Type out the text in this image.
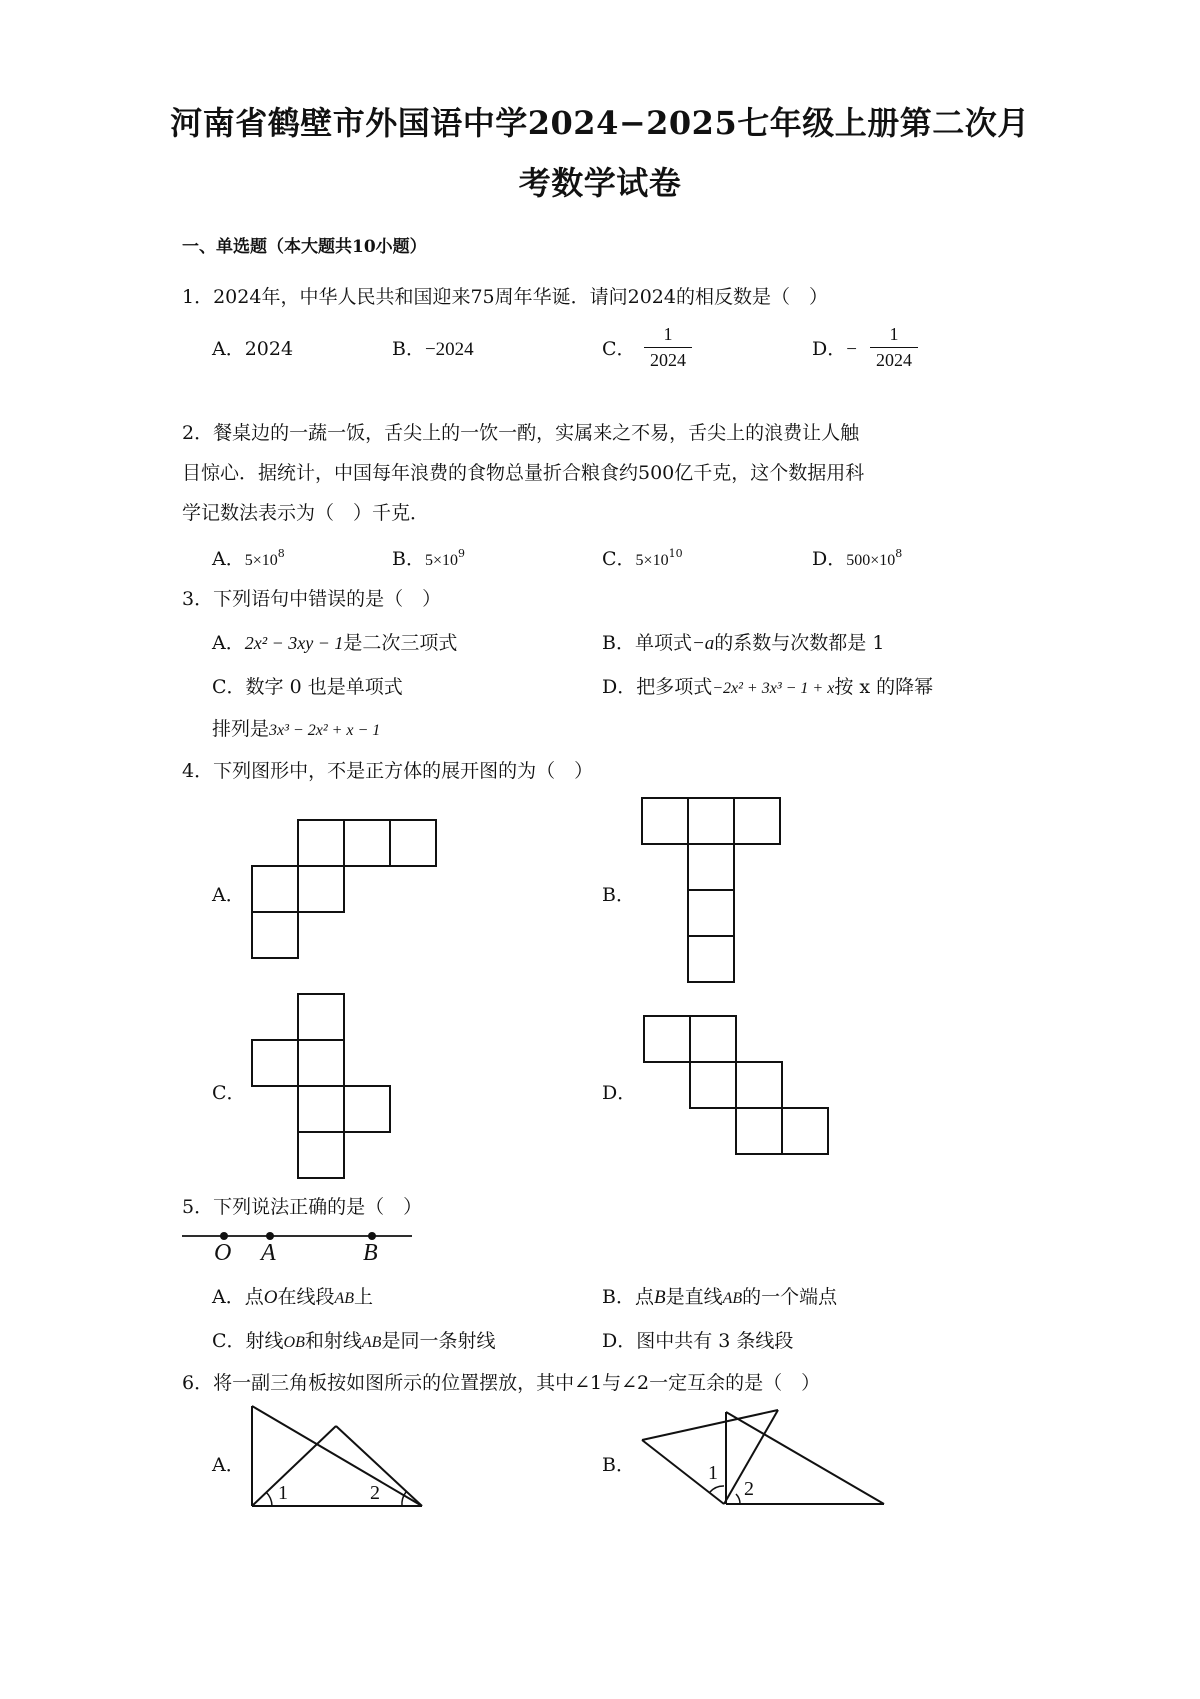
河南省鹤壁市外国语中学2024−2025七年级上册第二次月
考数学试卷
一、单选题（本大题共10小题）
1．2024年，中华人民共和国迎来75周年华诞．请问2024的相反数是（　）
A．2024	B．−2024	C．
1
2024	D．−
1
2024
2．餐桌边的一蔬一饭，舌尖上的一饮一酌，实属来之不易，舌尖上的浪费让人触
目惊心．据统计，中国每年浪费的食物总量折合粮食约500亿千克，这个数据用科
学记数法表示为（　）千克．
A．$5\times 10^8$	B．$5\times 10^9$	C．$5\times 10^{10}$	D．$500\times 10^8$
3．下列语句中错误的是（　）
A．2x² − 3xy − 1是二次三项式	B．单项式−a的系数与次数都是 1
C．数字 0 也是单项式	D．把多项式−2x² + 3x³ − 1 + x按 x 的降幂
排列是3x³ − 2x² + x − 1
4．下列图形中，不是正方体的展开图的为（　）
A．	B．
C．	D．
5．下列说法正确的是（　）
O A	B
A．点O在线段AB上	B．点B是直线AB的一个端点
C．射线OB和射线AB是同一条射线	D．图中共有 3 条线段
6．将一副三角板按如图所示的位置摆放，其中∠1与∠2一定互余的是（　）
A．	B．
1	2
1
2
